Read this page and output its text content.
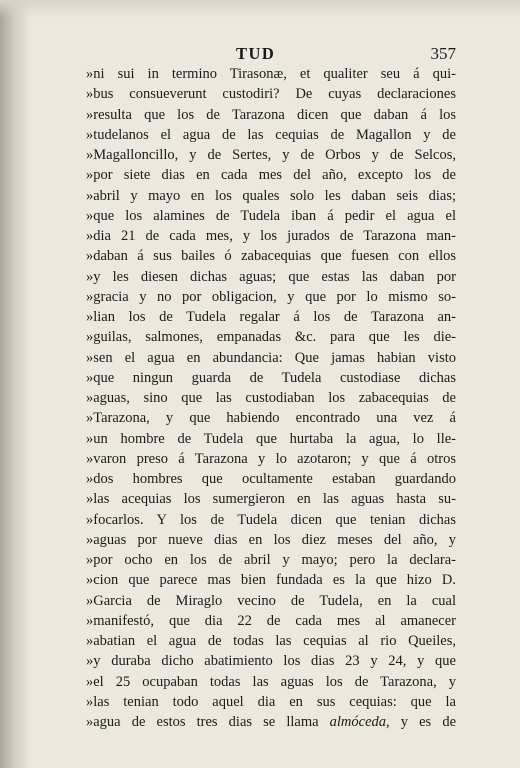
TUD	357
»ni sui in termino Tirasonæ, et qualiter seu á qui-
»bus consueverunt custodiri? De cuyas declaraciones
»resulta que los de Tarazona dicen que daban á los
»tudelanos el agua de las cequias de Magallon y de
»Magalloncillo, y de Sertes, y de Orbos y de Selcos,
»por siete dias en cada mes del año, excepto los de
»abril y mayo en los quales solo les daban seis dias;
»que los alamines de Tudela iban á pedir el agua el
»dia 21 de cada mes, y los jurados de Tarazona man-
»daban á sus bailes ó zabacequias que fuesen con ellos
»y les diesen dichas aguas; que estas las daban por
»gracia y no por obligacion, y que por lo mismo so-
»lian los de Tudela regalar á los de Tarazona an-
»guilas, salmones, empanadas &c. para que les die-
»sen el agua en abundancia: Que jamas habian visto
»que ningun guarda de Tudela custodiase dichas
»aguas, sino que las custodiaban los zabacequias de
»Tarazona, y que habiendo encontrado una vez á
»un hombre de Tudela que hurtaba la agua, lo lle-
»varon preso á Tarazona y lo azotaron; y que á otros
»dos hombres que ocultamente estaban guardando
»las acequias los sumergieron en las aguas hasta su-
»focarlos. Y los de Tudela dicen que tenian dichas
»aguas por nueve dias en los diez meses del año, y
»por ocho en los de abril y mayo; pero la declara-
»cion que parece mas bien fundada es la que hizo D.
»Garcia de Miraglo vecino de Tudela, en la cual
»manifestó, que dia 22 de cada mes al amanecer
»abatian el agua de todas las cequias al rio Queiles,
»y duraba dicho abatimiento los dias 23 y 24, y que
»el 25 ocupaban todas las aguas los de Tarazona, y
»las tenian todo aquel dia en sus cequias: que la
»agua de estos tres dias se llama almóceda, y es de
